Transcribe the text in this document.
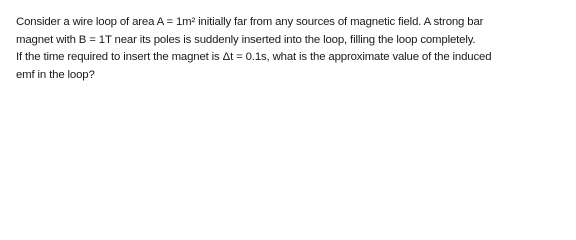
Consider a wire loop of area A = 1m² initially far from any sources of magnetic field. A strong bar
magnet with B = 1T near its poles is suddenly inserted into the loop, filling the loop completely.
If the time required to insert the magnet is Δt = 0.1s, what is the approximate value of the induced
emf in the loop?
